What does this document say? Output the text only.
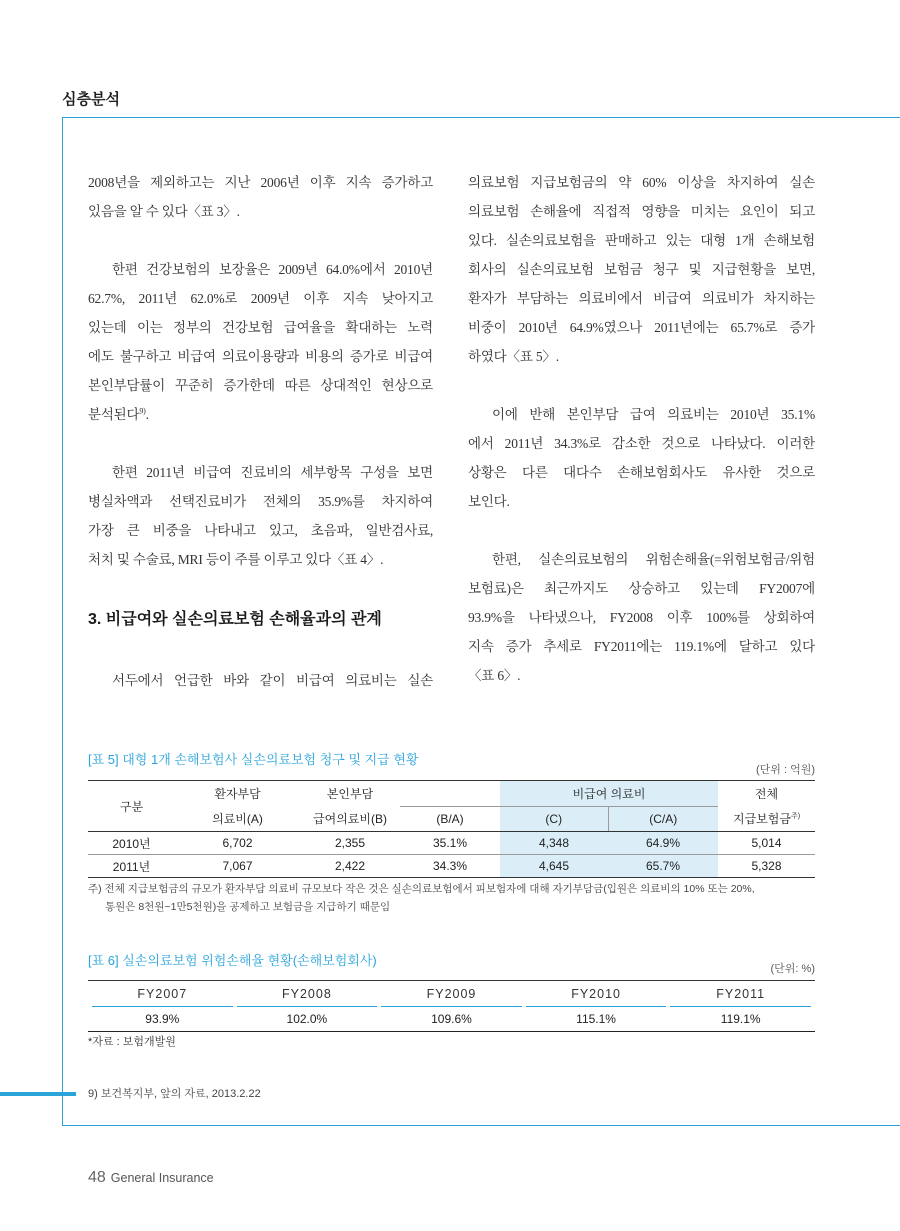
심층분석
2008년을 제외하고는 지난 2006년 이후 지속 증가하고
있음을 알 수 있다〈표 3〉.
한편 건강보험의 보장율은 2009년 64.0%에서 2010년
62.7%, 2011년 62.0%로 2009년 이후 지속 낮아지고
있는데 이는 정부의 건강보험 급여율을 확대하는 노력
에도 불구하고 비급여 의료이용량과 비용의 증가로 비급여
본인부담률이 꾸준히 증가한데 따른 상대적인 현상으로
분석된다$^{9)}$.
한편 2011년 비급여 진료비의 세부항목 구성을 보면
병실차액과 선택진료비가 전체의 35.9%를 차지하여
가장 큰 비중을 나타내고 있고, 초음파, 일반검사료,
처치 및 수술료, MRI 등이 주를 이루고 있다〈표 4〉.
3. 비급여와 실손의료보험 손해율과의 관계
서두에서 언급한 바와 같이 비급여 의료비는 실손
의료보험 지급보험금의 약 60% 이상을 차지하여 실손
의료보험 손해율에 직접적 영향을 미치는 요인이 되고
있다. 실손의료보험을 판매하고 있는 대형 1개 손해보험
회사의 실손의료보험 보험금 청구 및 지급현황을 보면,
환자가 부담하는 의료비에서 비급여 의료비가 차지하는
비중이 2010년 64.9%였으나 2011년에는 65.7%로 증가
하였다〈표 5〉.
이에 반해 본인부담 급여 의료비는 2010년 35.1%
에서 2011년 34.3%로 감소한 것으로 나타났다. 이러한
상황은 다른 대다수 손해보험회사도 유사한 것으로
보인다.
한편, 실손의료보험의 위험손해율(=위험보험금/위험
보험료)은 최근까지도 상승하고 있는데 FY2007에
93.9%을 나타냈으나, FY2008 이후 100%를 상회하여
지속 증가 추세로 FY2011에는 119.1%에 달하고 있다
〈표 6〉.
[표 5] 대형 1개 손해보험사 실손의료보험 청구 및 지급 현황
(단위 : 억원)
구분	환자부담	본인부담		비급여 의료비		전체
	의료비(A)	급여의료비(B)	(B/A)	(C)	(C/A)	지급보험금$^{주)}$
2010년	6,702	2,355	35.1%	4,348	64.9%	5,014
2011년	7,067	2,422	34.3%	4,645	65.7%	5,328
주) 전체 지급보험금의 규모가 환자부담 의료비 규모보다 작은 것은 실손의료보험에서 피보험자에 대해 자기부담금(입원은 의료비의 10% 또는 20%,
통원은 8천원~1만5천원)을 공제하고 보험금을 지급하기 때문임
[표 6] 실손의료보험 위험손해율 현황(손해보험회사)
(단위: %)
FY2007	FY2008	FY2009	FY2010	FY2011
93.9%	102.0%	109.6%	115.1%	119.1%
*자료 : 보험개발원
9) 보건복지부, 앞의 자료, 2013.2.22
48 General Insurance
